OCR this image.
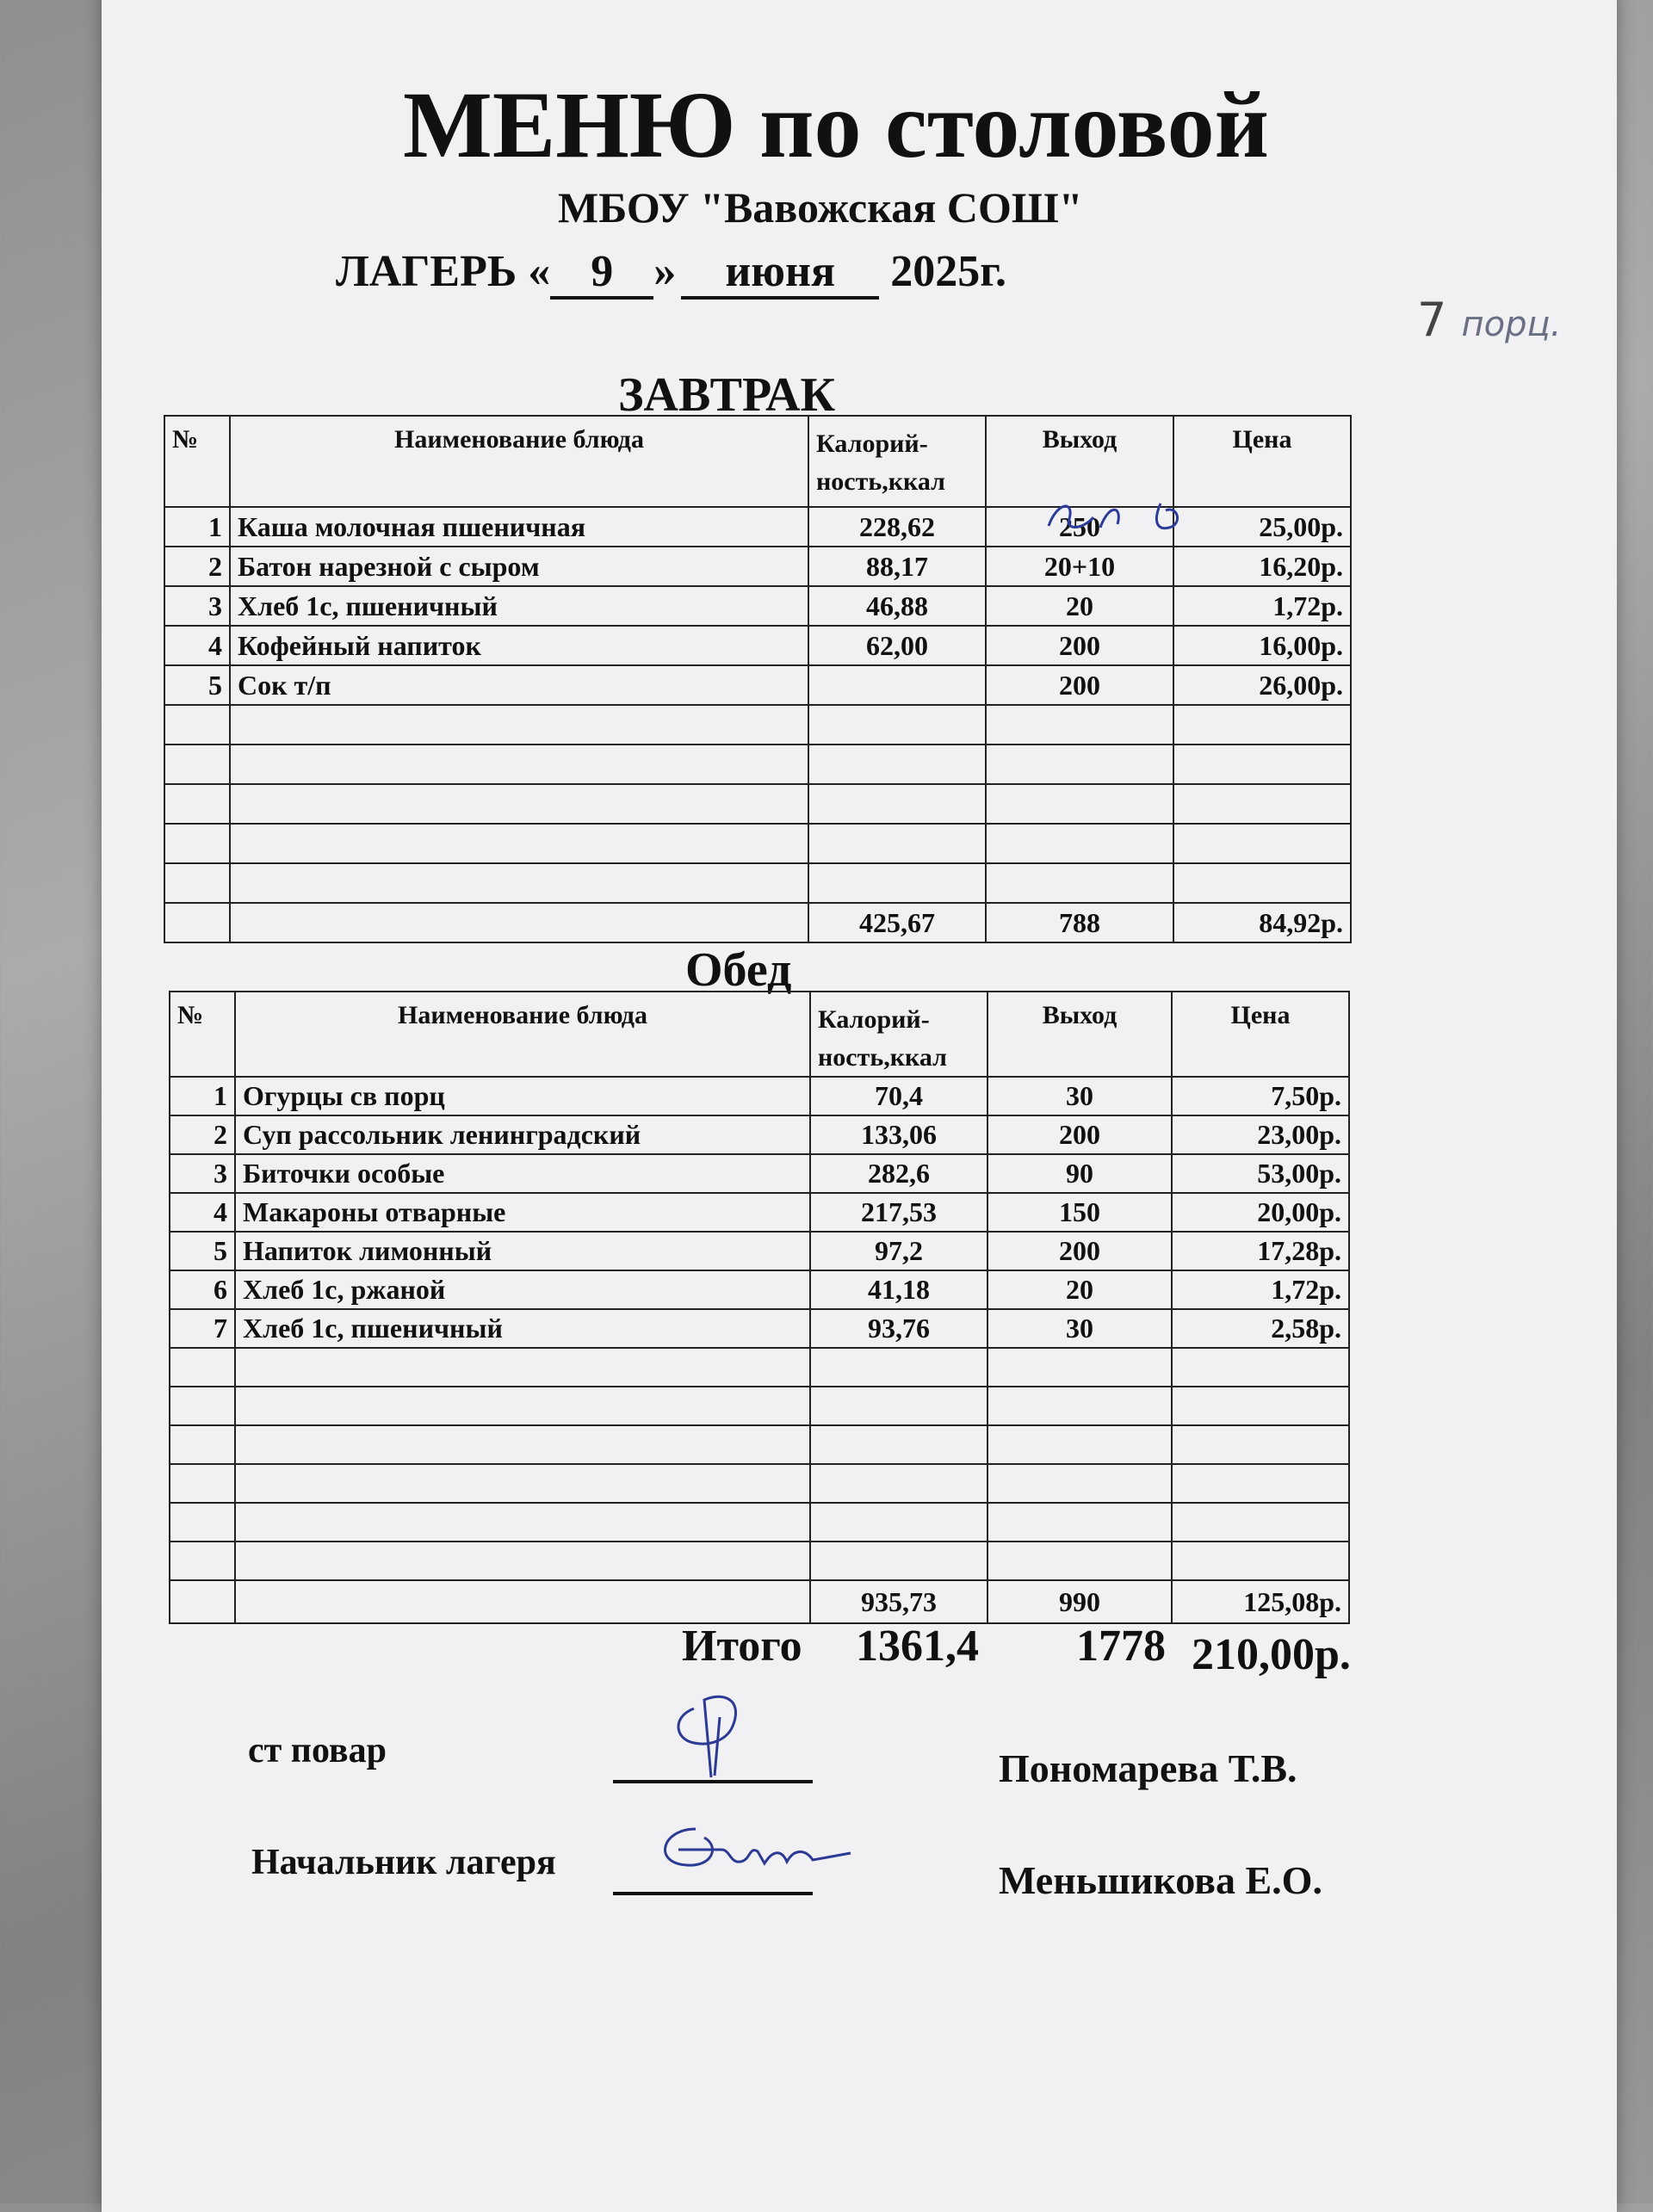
МЕНЮ по столовой
МБОУ "Вавожская СОШ"
ЛАГЕРЬ « 9 » июня 2025г.
7 порц.
ЗАВТРАК
№	Наименование блюда	Калорий-ность,ккал	Выход	Цена
1	Каша молочная пшеничная	228,62	250	25,00р.
2	Батон нарезной с сыром	88,17	20+10	16,20р.
3	Хлеб 1с, пшеничный	46,88	20	1,72р.
4	Кофейный напиток	62,00	200	16,00р.
5	Сок т/п		200	26,00р.

		425,67	788	84,92р.
Обед
№	Наименование блюда	Калорий-ность,ккал	Выход	Цена
1	Огурцы св порц	70,4	30	7,50р.
2	Суп рассольник ленинградский	133,06	200	23,00р.
3	Биточки особые	282,6	90	53,00р.
4	Макароны отварные	217,53	150	20,00р.
5	Напиток лимонный	97,2	200	17,28р.
6	Хлеб 1с, ржаной	41,18	20	1,72р.
7	Хлеб 1с, пшеничный	93,76	30	2,58р.

		935,73	990	125,08р.
Итого 1361,4 1778 210,00р.
ст повар	Пономарева Т.В.
Начальник лагеря	Меньшикова Е.О.
